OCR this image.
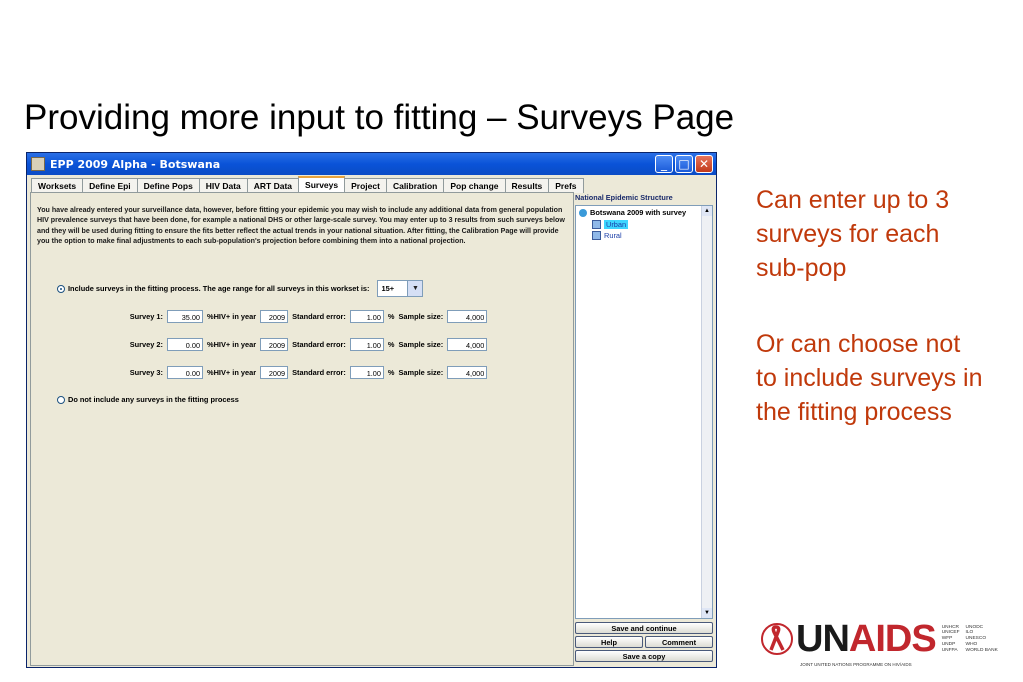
Providing more input to fitting – Surveys Page
Can enter up to 3 surveys for each sub-pop
Or can choose not to include surveys in the fitting process
EPP 2009 Alpha - Botswana	_ □ ✕
Worksets	Define Epi	Define Pops	HIV Data	ART Data	Surveys	Project	Calibration	Pop change	Results	Prefs
You have already entered your surveillance data, however, before fitting your epidemic you may wish to include any additional data from general population HIV prevalence surveys that have been done, for example a national DHS or other large-scale survey. You may enter up to 3 results from such surveys below and they will be used during fitting to ensure the fits better reflect the actual trends in your national situation. After fitting, the Calibration Page will provide you the option to make final adjustments to each sub-population's projection before combining them into a national projection.
Include surveys in the fitting process. The age range for all surveys in this workset is:	15+	▼
Survey 1:	35.00 %HIV+ in year	2009 Standard error:	1.00 % Sample size:	4,000
Survey 2:	0.00 %HIV+ in year	2009 Standard error:	1.00 % Sample size:	4,000
Survey 3:	0.00 %HIV+ in year	2009 Standard error:	1.00 % Sample size:	4,000
Do not include any surveys in the fitting process
National Epidemic Structure
Botswana 2009 with survey
Urban
Rural
▲
▼
Save and continue
Help	Comment
Save a copy	UNAIDS UNHCR
UNICEF
WFP
UNDP
UNFPA
UNODC
ILO
UNESCO
WHO
WORLD BANK
JOINT UNITED NATIONS PROGRAMME ON HIV/AIDS
